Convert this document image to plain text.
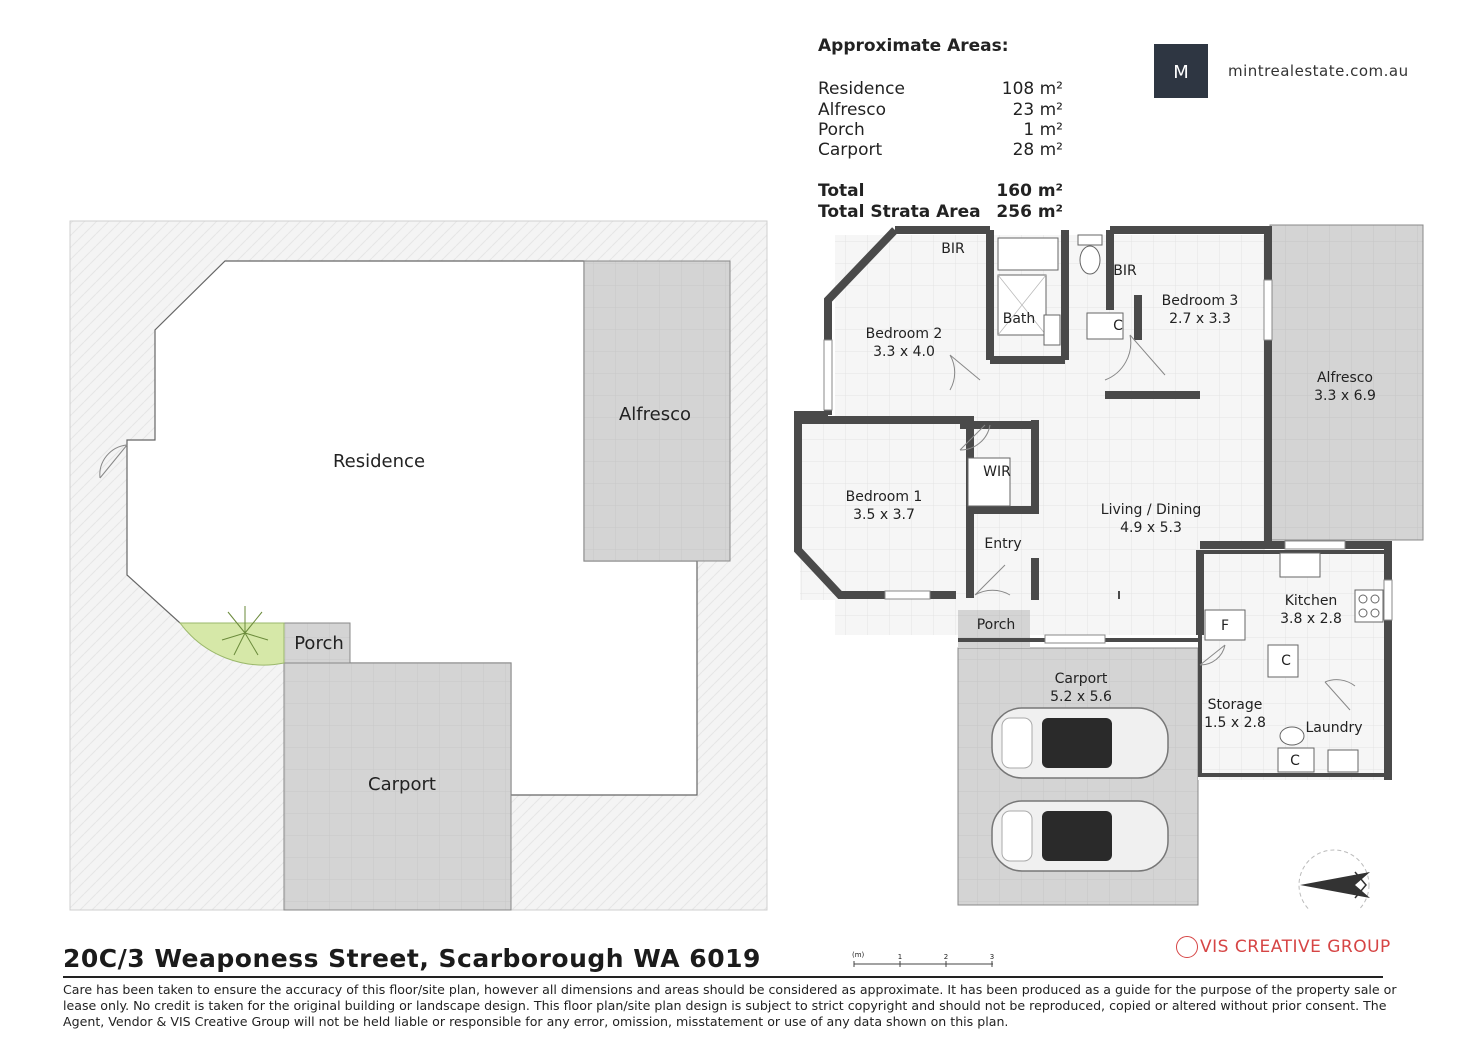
Approximate Areas:
Residence	108 m²
Alfresco	23 m²
Porch	1 m²
Carport	28 m²
Total	160 m²
Total Strata Area 256 m²
M	mintrealestate.com.au
Residence
Alfresco
Porch
Carport
BIR
BIR
Bath	C
Bedroom 2
3.3 x 4.0
Bedroom 3
2.7 x 3.3
Alfresco
3.3 x 6.9
WIR
Bedroom 1
3.5 x 3.7	Living / Dining
4.9 x 5.3
Entry
Kitchen
3.8 x 2.8
F
Porch
Carport
5.2 x 5.6
C
Storage
1.5 x 2.8	Laundry
C
(m)	1	2	3	VIS CREATIVE GROUP
20C/3 Weaponess Street, Scarborough WA 6019
Care has been taken to ensure the accuracy of this floor/site plan, however all dimensions and areas should be considered as approximate. It has been produced as a guide for the purpose of the property sale or lease only. No credit is taken for the original building or landscape design. This floor plan/site plan design is subject to strict copyright and should not be reproduced, copied or altered without prior consent. The Agent, Vendor & VIS Creative Group will not be held liable or responsible for any error, omission, misstatement or use of any data shown on this plan.
